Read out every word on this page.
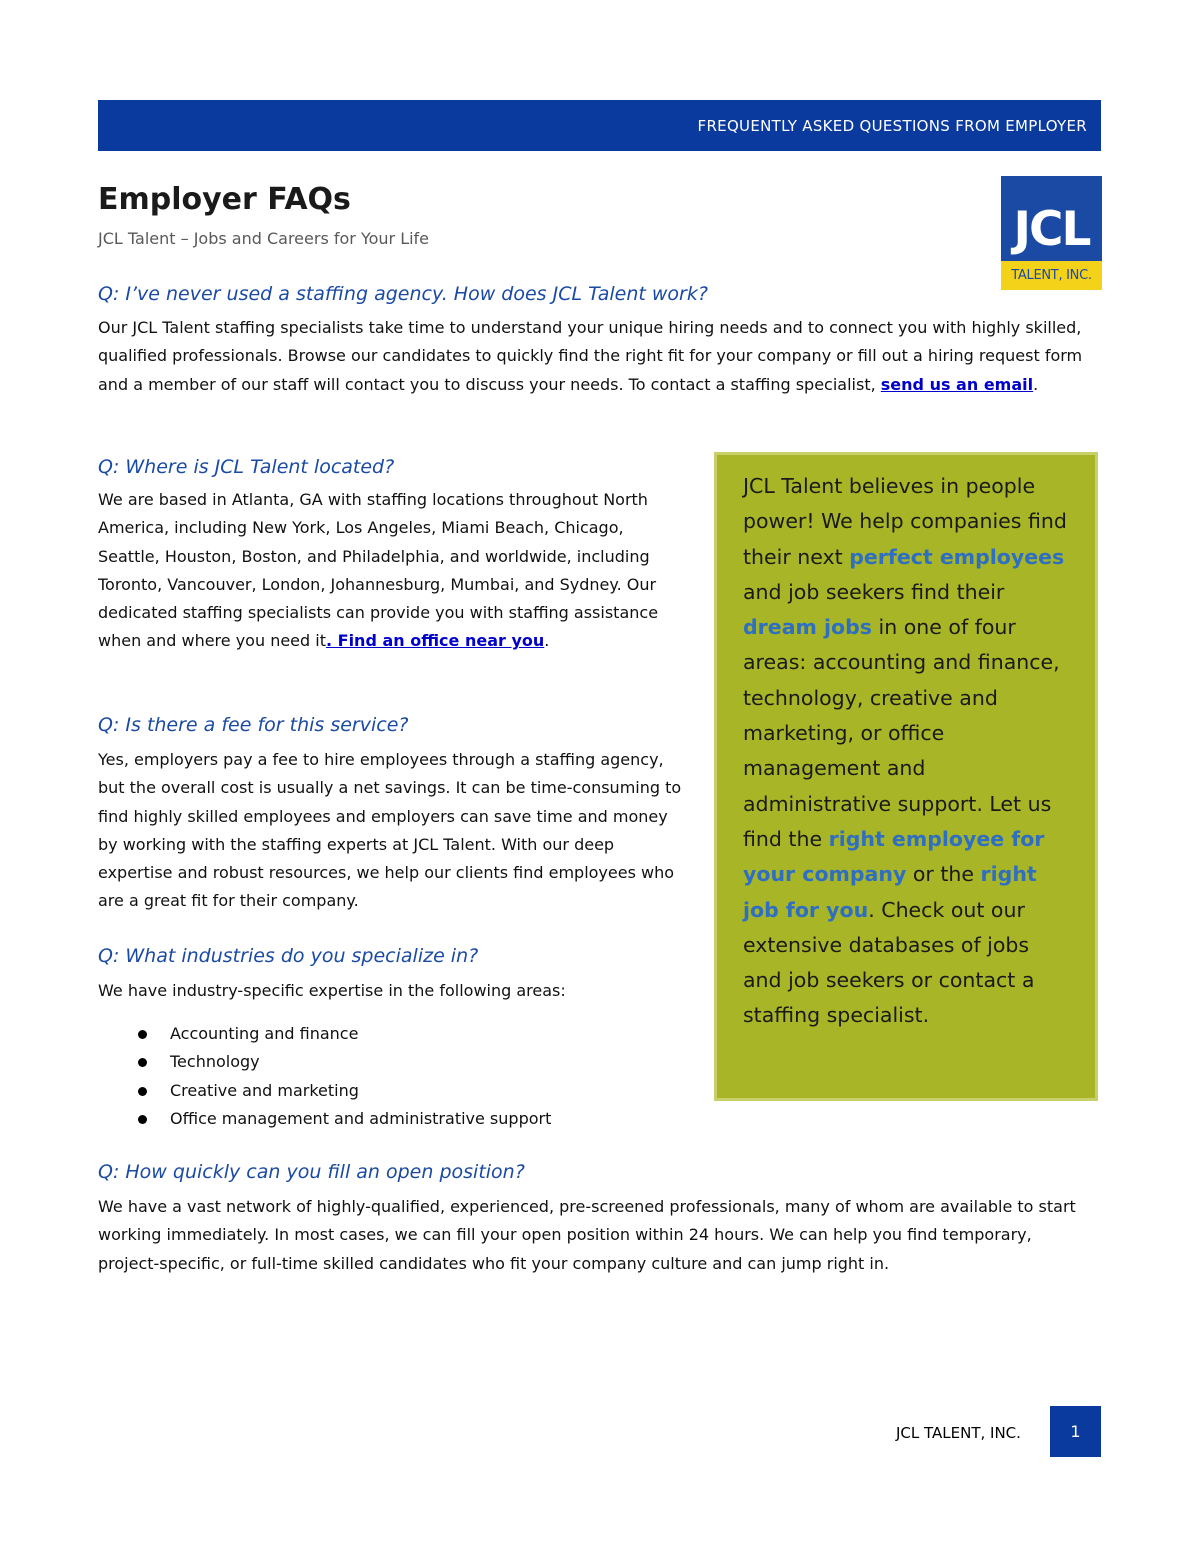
FREQUENTLY ASKED QUESTIONS FROM EMPLOYER
Employer FAQs
JCL Talent – Jobs and Careers for Your Life	JCL
TALENT, INC.
Q: I’ve never used a staffing agency. How does JCL Talent work?

Our JCL Talent staffing specialists take time to understand your unique hiring needs and to connect you with highly skilled, qualified professionals. Browse our candidates to quickly find the right fit for your company or fill out a hiring request form and a member of our staff will contact you to discuss your needs. To contact a staffing specialist, send us an email.

Q: Where is JCL Talent located?

We are based in Atlanta, GA with staffing locations throughout North America, including New York, Los Angeles, Miami Beach, Chicago, Seattle, Houston, Boston, and Philadelphia, and worldwide, including Toronto, Vancouver, London, Johannesburg, Mumbai, and Sydney. Our dedicated staffing specialists can provide you with staffing assistance when and where you need it. Find an office near you.

Q: Is there a fee for this service?

Yes, employers pay a fee to hire employees through a staffing agency, but the overall cost is usually a net savings. It can be time-consuming to find highly skilled employees and employers can save time and money by working with the staffing experts at JCL Talent. With our deep expertise and robust resources, we help our clients find employees who are a great fit for their company.

Q: What industries do you specialize in?

We have industry-specific expertise in the following areas:

Accounting and finance
Technology
Creative and marketing
Office management and administrative support
Q: How quickly can you fill an open position?

We have a vast network of highly-qualified, experienced, pre-screened professionals, many of whom are available to start working immediately. In most cases, we can fill your open position within 24 hours. We can help you find temporary, project-specific, or full-time skilled candidates who fit your company culture and can jump right in.

JCL Talent believes in people power! We help companies find their next perfect employees and job seekers find their dream jobs in one of four areas: accounting and finance, technology, creative and marketing, or office management and administrative support. Let us find the right employee for your company or the right job for you. Check out our extensive databases of jobs and job seekers or contact a staffing specialist.

JCL TALENT, INC.	1
